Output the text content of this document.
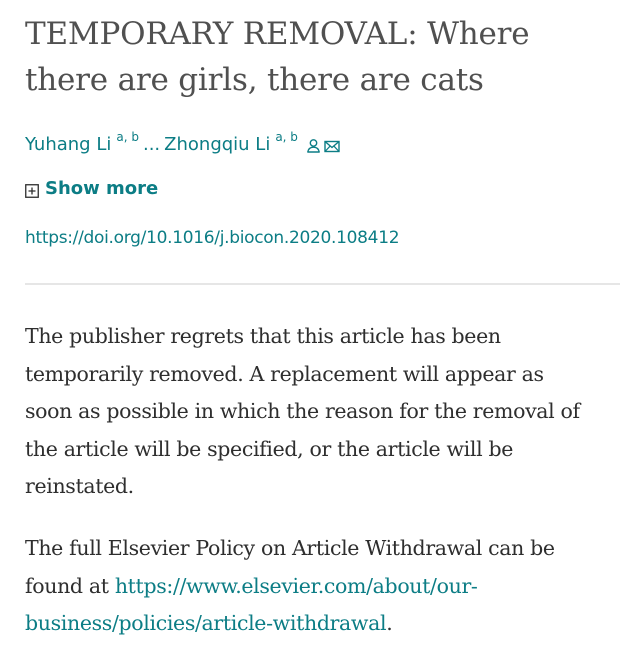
TEMPORARY REMOVAL: Where
there are girls, there are cats
Yuhang Li $^{a, b}$ ... Zhongqiu Li $^{a, b}$
Show more
https://doi.org/10.1016/j.biocon.2020.108412

The publisher regrets that this article has been
temporarily removed. A replacement will appear as
soon as possible in which the reason for the removal of
the article will be specified, or the article will be
reinstated.

The full Elsevier Policy on Article Withdrawal can be
found at https://www.elsevier.com/about/our-
business/policies/article-withdrawal.
